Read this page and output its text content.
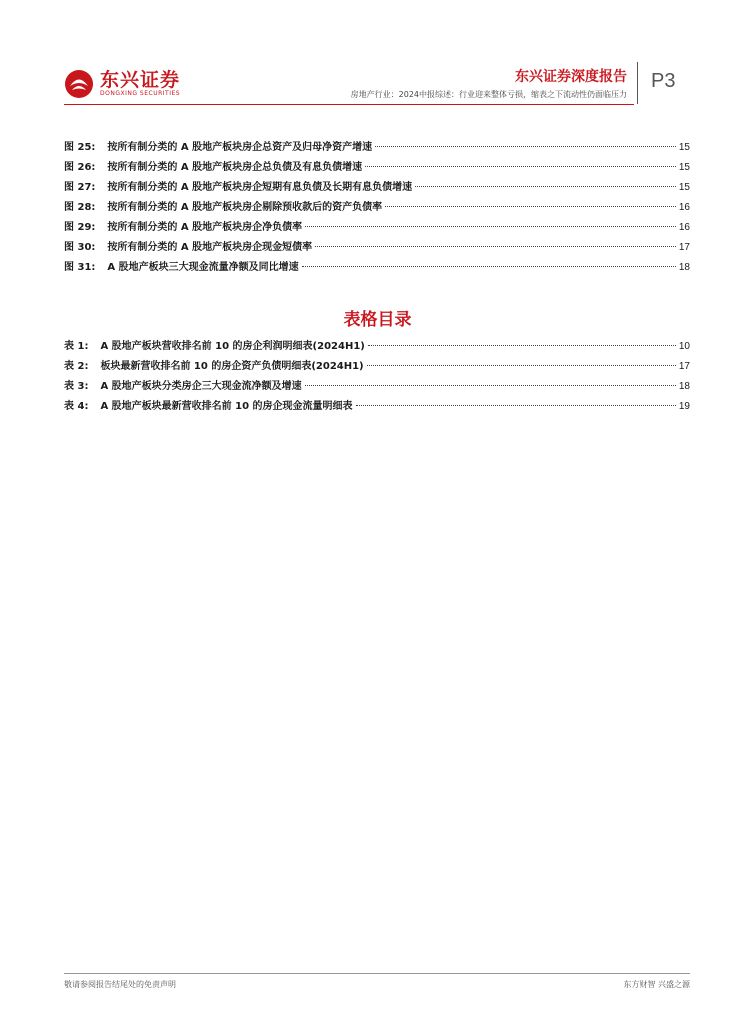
东兴证券
DONGXING SECURITIES
东兴证券深度报告
房地产行业：2024中报综述：行业迎来整体亏损，缩表之下流动性仍面临压力
P3
图 25: 按所有制分类的 A 股地产板块房企总资产及归母净资产增速	15
图 26: 按所有制分类的 A 股地产板块房企总负债及有息负债增速	15
图 27: 按所有制分类的 A 股地产板块房企短期有息负债及长期有息负债增速	15
图 28: 按所有制分类的 A 股地产板块房企剔除预收款后的资产负债率	16
图 29: 按所有制分类的 A 股地产板块房企净负债率	16
图 30: 按所有制分类的 A 股地产板块房企现金短债率	17
图 31: A 股地产板块三大现金流量净额及同比增速	18
表格目录
表 1: A 股地产板块营收排名前 10 的房企利润明细表(2024H1)	10
表 2: 板块最新营收排名前 10 的房企资产负债明细表(2024H1)	17
表 3: A 股地产板块分类房企三大现金流净额及增速	18
表 4: A 股地产板块最新营收排名前 10 的房企现金流量明细表	19
敬请参阅报告结尾处的免责声明	东方财智 兴盛之源
